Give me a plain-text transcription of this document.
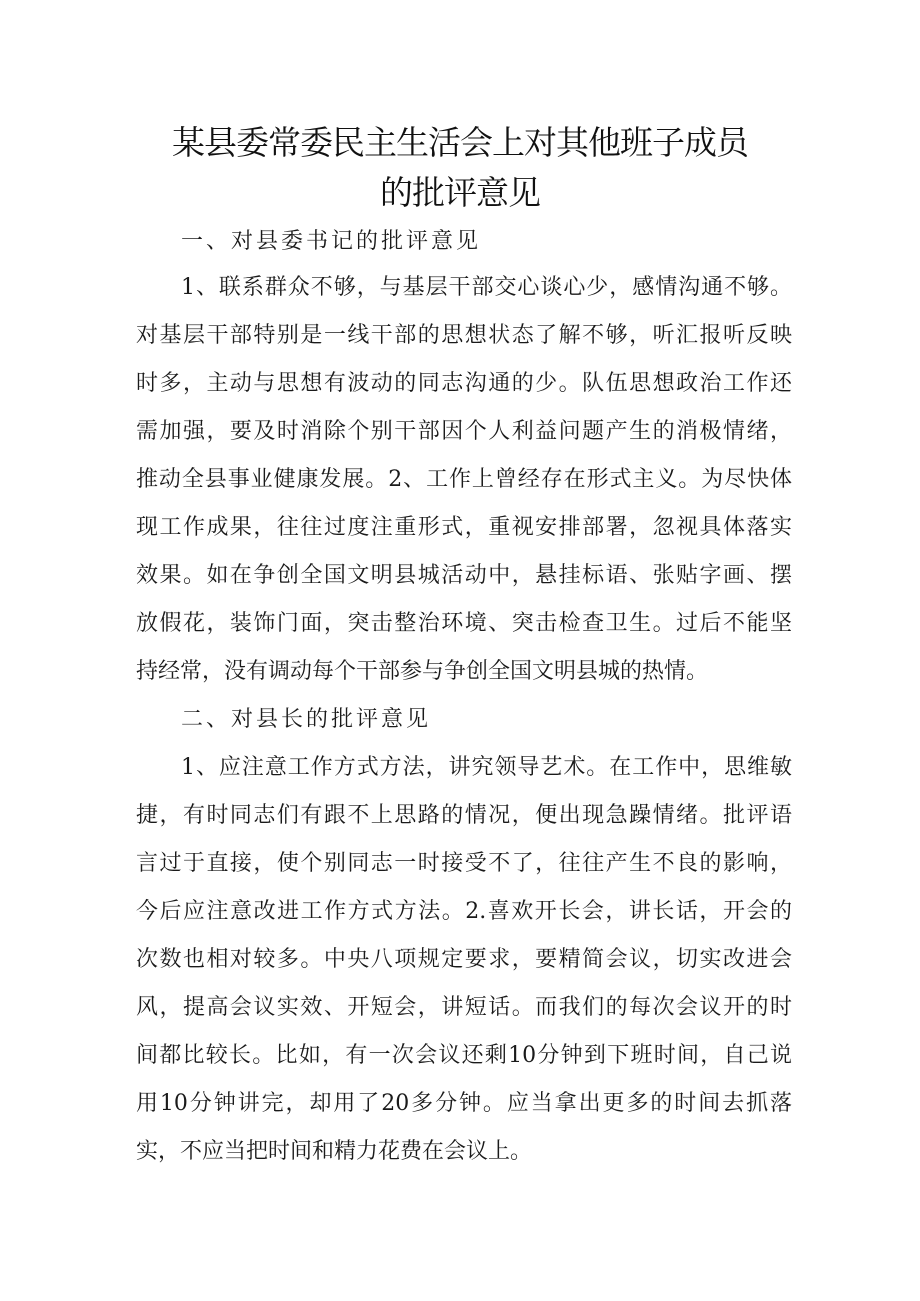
某县委常委民主生活会上对其他班子成员
的批评意见
一、对县委书记的批评意见
1、联系群众不够，与基层干部交心谈心少，感情沟通不够。
对基层干部特别是一线干部的思想状态了解不够，听汇报听反映
时多，主动与思想有波动的同志沟通的少。队伍思想政治工作还
需加强，要及时消除个别干部因个人利益问题产生的消极情绪，
推动全县事业健康发展。2、工作上曾经存在形式主义。为尽快体
现工作成果，往往过度注重形式，重视安排部署，忽视具体落实
效果。如在争创全国文明县城活动中，悬挂标语、张贴字画、摆
放假花，装饰门面，突击整治环境、突击检查卫生。过后不能坚
持经常，没有调动每个干部参与争创全国文明县城的热情。
二、对县长的批评意见
1、应注意工作方式方法，讲究领导艺术。在工作中，思维敏
捷，有时同志们有跟不上思路的情况，便出现急躁情绪。批评语
言过于直接，使个别同志一时接受不了，往往产生不良的影响，
今后应注意改进工作方式方法。2.喜欢开长会，讲长话，开会的
次数也相对较多。中央八项规定要求，要精简会议，切实改进会
风，提高会议实效、开短会，讲短话。而我们的每次会议开的时
间都比较长。比如，有一次会议还剩10分钟到下班时间，自己说
用10分钟讲完，却用了20多分钟。应当拿出更多的时间去抓落
实，不应当把时间和精力花费在会议上。
